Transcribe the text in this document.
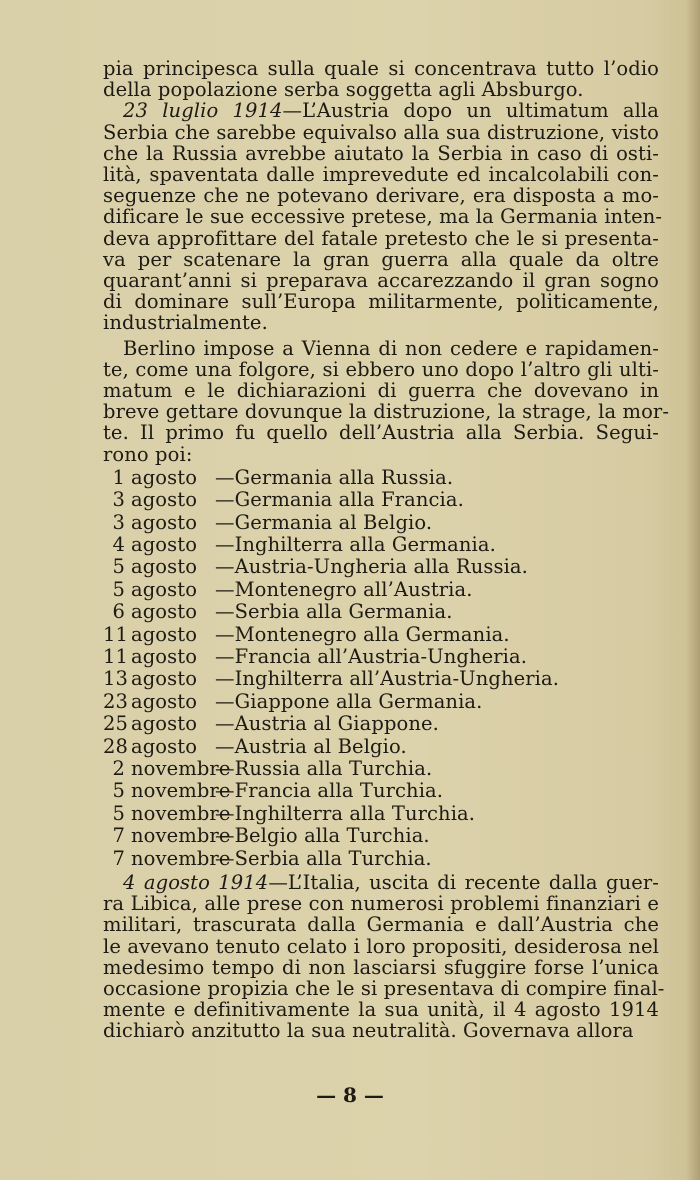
pia principesca sulla quale si concentrava tutto l’odio
della popolazione serba soggetta agli Absburgo.

23 luglio 1914—L’Austria dopo un ultimatum alla
Serbia che sarebbe equivalso alla sua distruzione, visto
che la Russia avrebbe aiutato la Serbia in caso di osti-
lità, spaventata dalle imprevedute ed incalcolabili con-
seguenze che ne potevano derivare, era disposta a mo-
dificare le sue eccessive pretese, ma la Germania inten-
deva approfittare del fatale pretesto che le si presenta-
va per scatenare la gran guerra alla quale da oltre
quarant’anni si preparava accarezzando il gran sogno
di dominare sull’Europa militarmente, politicamente,
industrialmente.

Berlino impose a Vienna di non cedere e rapidamen-
te, come una folgore, si ebbero uno dopo l’altro gli ulti-
matum e le dichiarazioni di guerra che dovevano in
breve gettare dovunque la distruzione, la strage, la mor-
te. Il primo fu quello dell’Austria alla Serbia. Segui-
rono poi:

1 agosto —Germania alla Russia.
3 agosto —Germania alla Francia.
3 agosto —Germania al Belgio.
4 agosto —Inghilterra alla Germania.
5 agosto —Austria-Ungheria alla Russia.
5 agosto —Montenegro all’Austria.
6 agosto —Serbia alla Germania.
11 agosto —Montenegro alla Germania.
11 agosto —Francia all’Austria-Ungheria.
13 agosto —Inghilterra all’Austria-Ungheria.
23 agosto —Giappone alla Germania.
25 agosto —Austria al Giappone.
28 agosto —Austria al Belgio.
2 novembre
—Russia alla Turchia.
5 novembre
—Francia alla Turchia.
5 novembre
—Inghilterra alla Turchia.
7 novembre
—Belgio alla Turchia.
7 novembre
—Serbia alla Turchia.

4 agosto 1914—L’Italia, uscita di recente dalla guer-
ra Libica, alle prese con numerosi problemi finanziari e
militari, trascurata dalla Germania e dall’Austria che
le avevano tenuto celato i loro propositi, desiderosa nel
medesimo tempo di non lasciarsi sfuggire forse l’unica
occasione propizia che le si presentava di compire final-
mente e definitivamente la sua unità, il 4 agosto 1914
dichiarò anzitutto la sua neutralità. Governava allora

— 8 —
